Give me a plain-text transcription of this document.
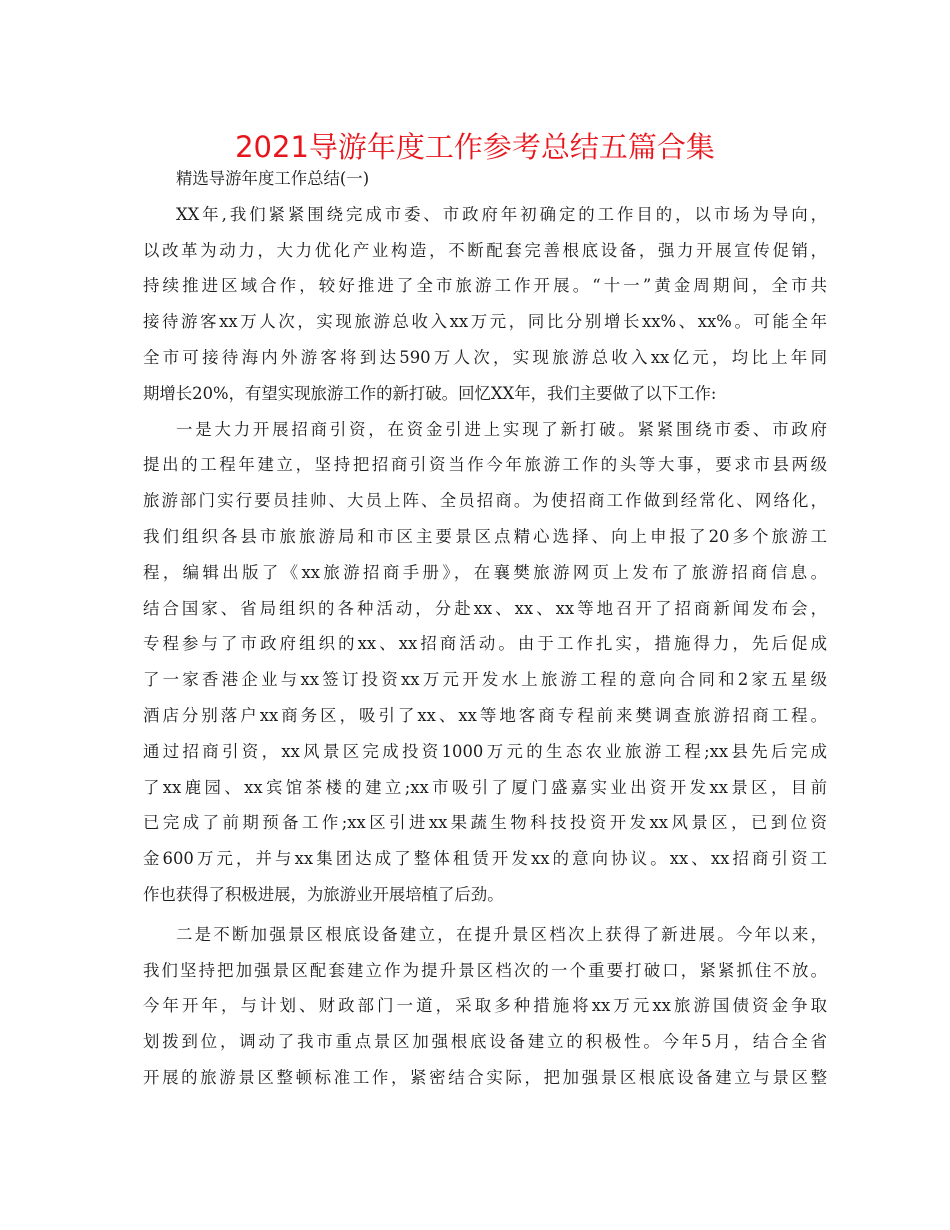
2021导游年度工作参考总结五篇合集
精选导游年度工作总结(一)
XX年,我们紧紧围绕完成市委、市政府年初确定的工作目的，以市场为导向，
以改革为动力，大力优化产业构造，不断配套完善根底设备，强力开展宣传促销，
持续推进区域合作，较好推进了全市旅游工作开展。“十一”黄金周期间，全市共
接待游客xx万人次，实现旅游总收入xx万元，同比分别增长xx%、xx%。可能全年
全市可接待海内外游客将到达590万人次，实现旅游总收入xx亿元，均比上年同
期增长20%，有望实现旅游工作的新打破。回忆XX年，我们主要做了以下工作:
一是大力开展招商引资，在资金引进上实现了新打破。紧紧围绕市委、市政府
提出的工程年建立，坚持把招商引资当作今年旅游工作的头等大事，要求市县两级
旅游部门实行要员挂帅、大员上阵、全员招商。为使招商工作做到经常化、网络化，
我们组织各县市旅旅游局和市区主要景区点精心选择、向上申报了20多个旅游工
程，编辑出版了《xx旅游招商手册》，在襄樊旅游网页上发布了旅游招商信息。
结合国家、省局组织的各种活动，分赴xx、xx、xx等地召开了招商新闻发布会，
专程参与了市政府组织的xx、xx招商活动。由于工作扎实，措施得力，先后促成
了一家香港企业与xx签订投资xx万元开发水上旅游工程的意向合同和2家五星级
酒店分别落户xx商务区，吸引了xx、xx等地客商专程前来樊调查旅游招商工程。
通过招商引资，xx风景区完成投资1000万元的生态农业旅游工程;xx县先后完成
了xx鹿园、xx宾馆茶楼的建立;xx市吸引了厦门盛嘉实业出资开发xx景区，目前
已完成了前期预备工作;xx区引进xx果蔬生物科技投资开发xx风景区，已到位资
金600万元，并与xx集团达成了整体租赁开发xx的意向协议。xx、xx招商引资工
作也获得了积极进展，为旅游业开展培植了后劲。
二是不断加强景区根底设备建立，在提升景区档次上获得了新进展。今年以来，
我们坚持把加强景区配套建立作为提升景区档次的一个重要打破口，紧紧抓住不放。
今年开年，与计划、财政部门一道，采取多种措施将xx万元xx旅游国债资金争取
划拨到位，调动了我市重点景区加强根底设备建立的积极性。今年5月，结合全省
开展的旅游景区整顿标准工作，紧密结合实际，把加强景区根底设备建立与景区整
